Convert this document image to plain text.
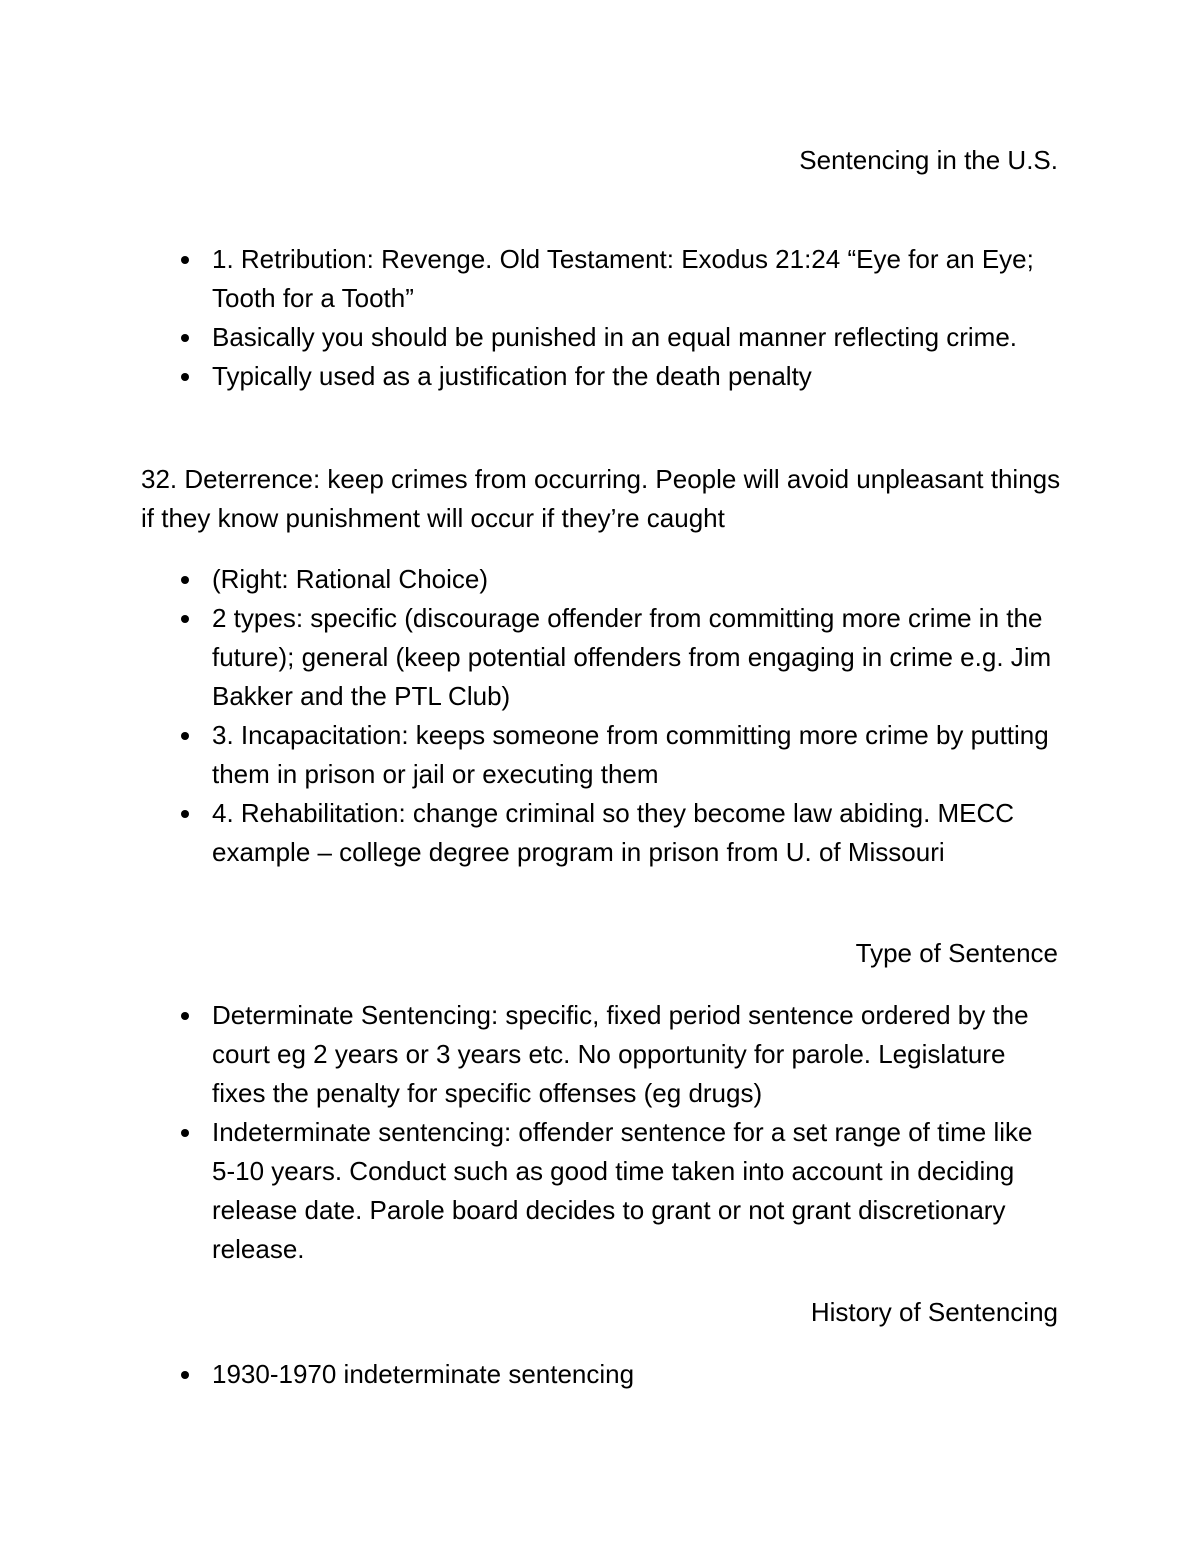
Sentencing in the U.S.
1. Retribution: Revenge. Old Testament: Exodus 21:24 “Eye for an Eye; Tooth for a Tooth”
Basically you should be punished in an equal manner reflecting crime.
Typically used as a justification for the death penalty

32. Deterrence: keep crimes from occurring. People will avoid unpleasant things if they know punishment will occur if they’re caught

(Right: Rational Choice)
2 types: specific (discourage offender from committing more crime in the future); general (keep potential offenders from engaging in crime e.g. Jim Bakker and the PTL Club)
3. Incapacitation: keeps someone from committing more crime by putting them in prison or jail or executing them
4. Rehabilitation: change criminal so they become law abiding. MECC example – college degree program in prison from U. of Missouri
Type of Sentence
Determinate Sentencing: specific, fixed period sentence ordered by the court eg 2 years or 3 years etc. No opportunity for parole. Legislature fixes the penalty for specific offenses (eg drugs)
Indeterminate sentencing: offender sentence for a set range of time like 5-10 years. Conduct such as good time taken into account in deciding release date. Parole board decides to grant or not grant discretionary release.
History of Sentencing
1930-1970 indeterminate sentencing
